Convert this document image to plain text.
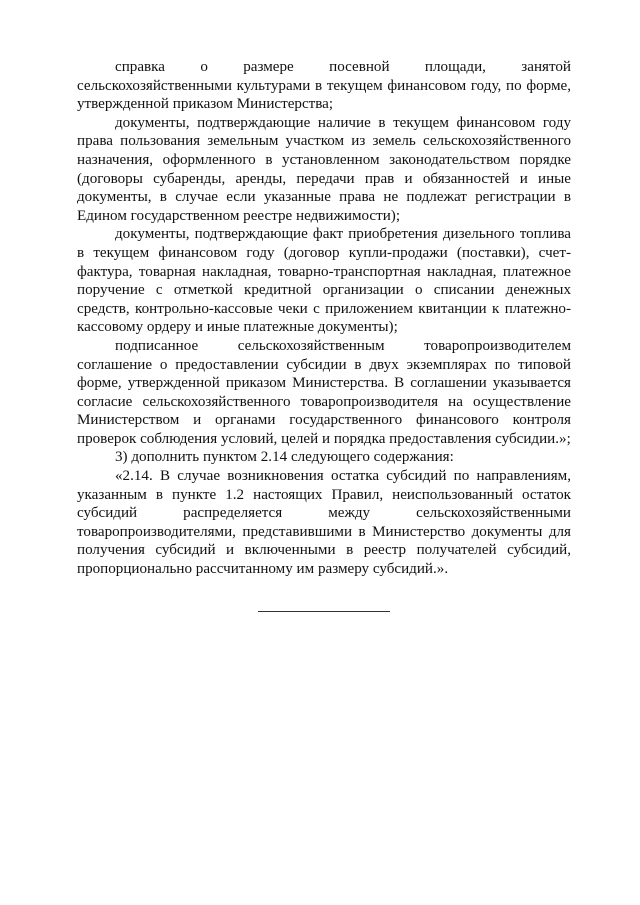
справка о размере посевной площади, занятой сельскохозяйственными культурами в текущем финансовом году, по форме, утвержденной приказом Министерства;

документы, подтверждающие наличие в текущем финансовом году права пользования земельным участком из земель сельскохозяйственного назначения, оформленного в установленном законодательством порядке (договоры субаренды, аренды, передачи прав и обязанностей и иные документы, в случае если указанные права не подлежат регистрации в Едином государственном реестре недвижимости);

документы, подтверждающие факт приобретения дизельного топлива в текущем финансовом году (договор купли-продажи (поставки), счет-фактура, товарная накладная, товарно-транспортная накладная, платежное поручение с отметкой кредитной организации о списании денежных средств, контрольно-кассовые чеки с приложением квитанции к платежно-кассовому ордеру и иные платежные документы);

подписанное сельскохозяйственным товаропроизводителем соглашение о предоставлении субсидии в двух экземплярах по типовой форме, утвержденной приказом Министерства. В соглашении указывается согласие сельскохозяйственного товаропроизводителя на осуществление Министерством и органами государственного финансового контроля проверок соблюдения условий, целей и порядка предоставления субсидии.»;

3) дополнить пунктом 2.14 следующего содержания:

«2.14. В случае возникновения остатка субсидий по направлениям, указанным в пункте 1.2 настоящих Правил, неиспользованный остаток субсидий распределяется между сельскохозяйственными товаропроизводителями, представившими в Министерство документы для получения субсидий и включенными в реестр получателей субсидий, пропорционально рассчитанному им размеру субсидий.».
